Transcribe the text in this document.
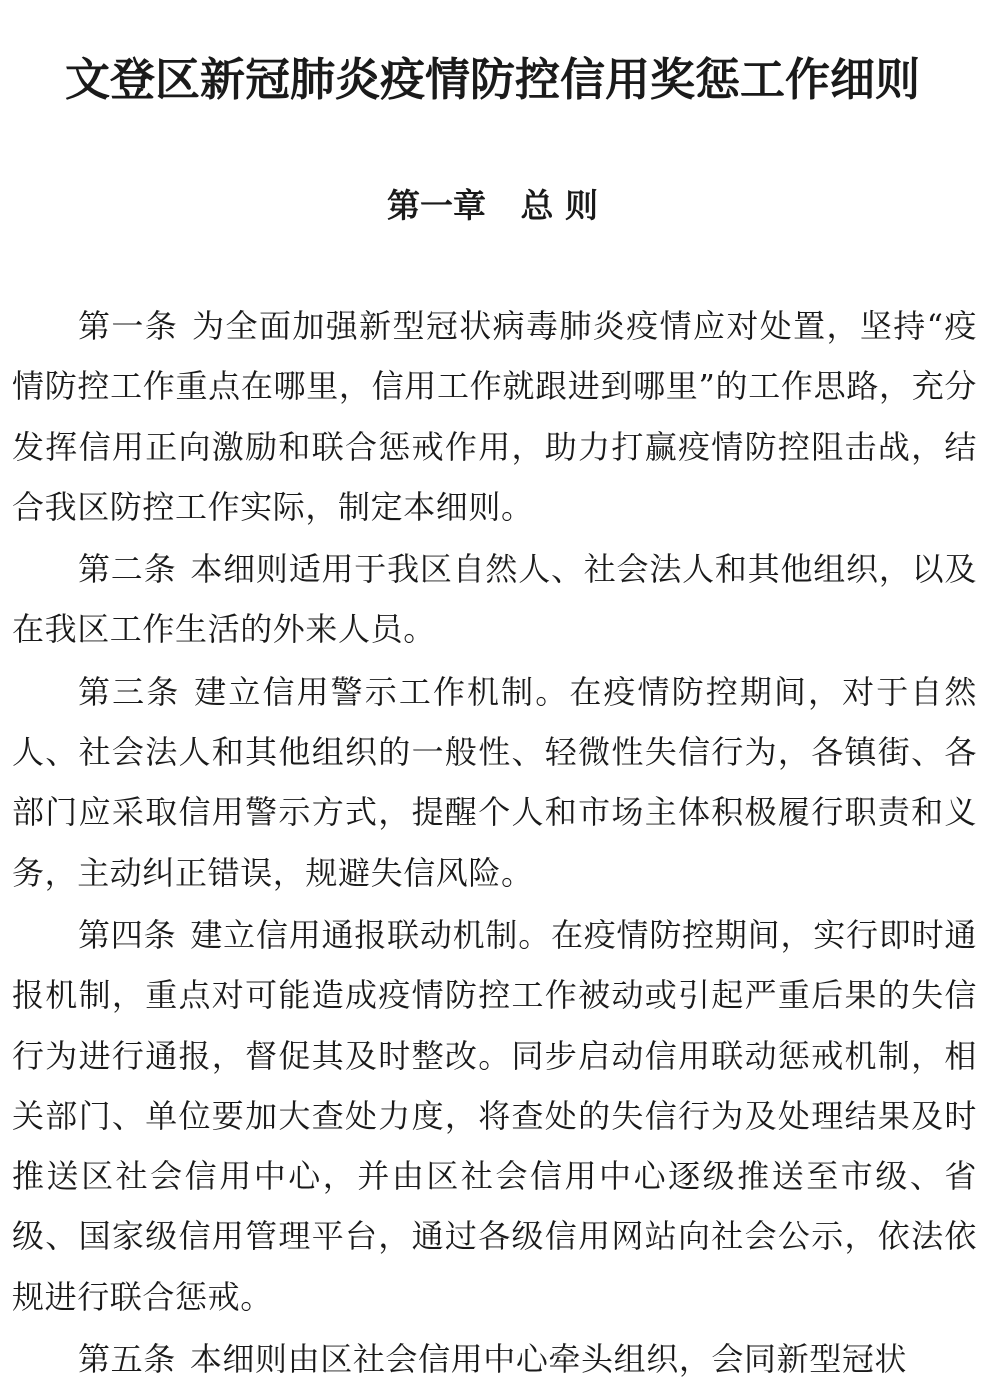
文登区新冠肺炎疫情防控信用奖惩工作细则
第一章   总 则

第一条 为全面加强新型冠状病毒肺炎疫情应对处置，坚持“疫情防控工作重点在哪里，信用工作就跟进到哪里”的工作思路，充分发挥信用正向激励和联合惩戒作用，助力打赢疫情防控阻击战，结合我区防控工作实际，制定本细则。

第二条 本细则适用于我区自然人、社会法人和其他组织，以及在我区工作生活的外来人员。

第三条 建立信用警示工作机制。在疫情防控期间，对于自然人、社会法人和其他组织的一般性、轻微性失信行为，各镇街、各部门应采取信用警示方式，提醒个人和市场主体积极履行职责和义务，主动纠正错误，规避失信风险。

第四条 建立信用通报联动机制。在疫情防控期间，实行即时通报机制，重点对可能造成疫情防控工作被动或引起严重后果的失信行为进行通报，督促其及时整改。同步启动信用联动惩戒机制，相关部门、单位要加大查处力度，将查处的失信行为及处理结果及时推送区社会信用中心，并由区社会信用中心逐级推送至市级、省级、国家级信用管理平台，通过各级信用网站向社会公示，依法依规进行联合惩戒。

第五条 本细则由区社会信用中心牵头组织，会同新型冠状
